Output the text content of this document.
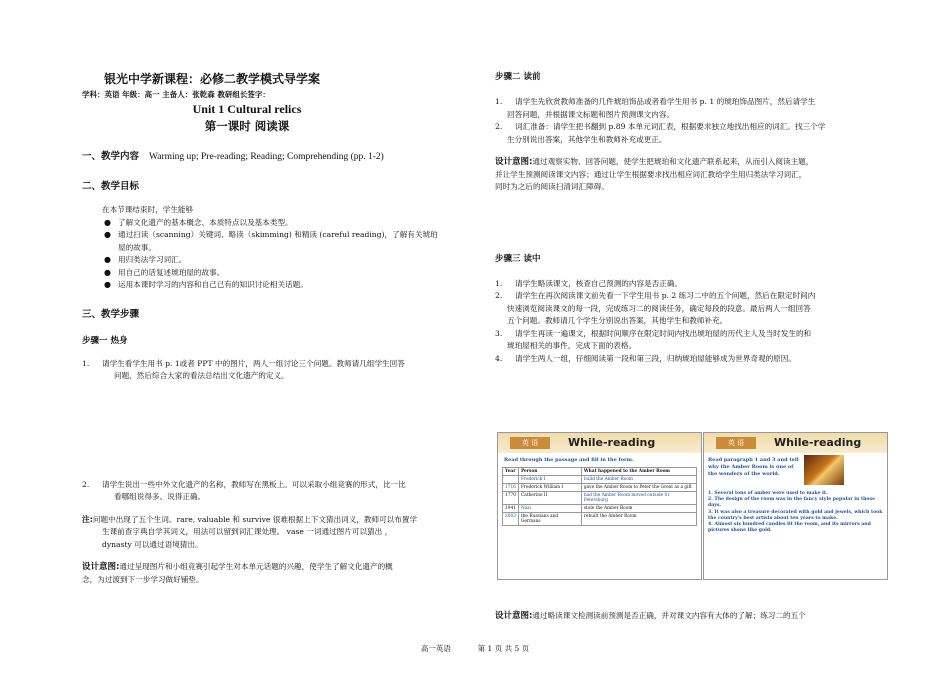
银光中学新课程：必修二教学模式导学案
学科：英语 年级：高一 主备人：张乾森 教研组长签字：
Unit 1 Cultural relics
第一课时 阅读课
一、教学内容 Warming up; Pre-reading; Reading; Comprehending (pp. 1-2)
二、教学目标
在本节课结束时，学生能够
● 了解文化遗产的基本概念、本质特点以及基本类型。
● 通过扫读（scanning）关键词、略读（skimming) 和精读 (careful reading)，了解有关琥珀
屋的故事。
● 用归类法学习词汇。
● 用自己的话复述琥珀屋的故事。
● 运用本课时学习的内容和自己已有的知识讨论相关话题。
三、教学步骤
步骤一 热身
1. 请学生看学生用书 p. 1或者 PPT 中的图片，两人一组讨论三个问题。教师请几组学生回答
问题，然后综合大家的看法总结出文化遗产的定义。
2. 请学生说出一些中外文化遗产的名称，教师写在黑板上。可以采取小组竞赛的形式，比一比
看哪组说得多、说得正确。
注:问题中出现了五个生词。rare, valuable 和 survive 很难根据上下文猜出词义，教师可以布置学
生课前查字典自学其词义，用法可以留到词汇课处理。 vase 一词通过图片可以猜出 ，
dynasty 可以通过语境猜出。
设计意图:通过呈现图片和小组竞赛引起学生对本单元话题的兴趣，使学生了解文化遗产的概
念，为过渡到下一步学习做好铺垫。
步骤二 读前
1. 请学生先欣赏教师准备的几件琥珀饰品或者看学生用书 p. 1 的琥珀饰品图片，然后请学生
回答问题，并根据课文标题和图片预测课文内容。
2. 词汇准备：请学生把书翻到 p.89 本单元词汇表，根据要求独立地找出相应的词汇。找三个学
生分别说出答案，其他学生和教师补充或更正。
设计意图:通过观察实物、回答问题，使学生把琥珀和文化遗产联系起来，从而引入阅读主题，
并让学生预测阅读课文内容；通过让学生根据要求找出相应词汇教给学生用归类法学习词汇，
同时为之后的阅读扫清词汇障碍。
步骤三 读中
1. 请学生略读课文，核查自己预测的内容是否正确。
2. 请学生在再次阅读课文前先看一下学生用书 p. 2 练习二中的五个问题，然后在限定时间内
快速浏览阅读课文的每一段，完成练习二的阅读任务，确定每段的段意。最后两人一组回答
五个问题。教师请几个学生分别说出答案，其他学生和教师补充。
3. 请学生再读一遍课文，根据时间顺序在限定时间内找出琥珀屋的历代主人及当时发生的和
琥珀屋相关的事件，完成下面的表格。
4. 请学生两人一组，仔细阅读第一段和第三段，归纳琥珀屋能够成为世界奇观的原因。
英 语	While-reading
Read through the passage and fill in the form.
Year	Person	What happened to the Amber Room
	Frederick I	build the Amber Room
1716	Frederick William I	gave the Amber Room to Peter the Great as a gift
1770	Catherine II	had the Amber Room moved outside St Petersburg
1941	Nazi	stole the Amber Room
2003	the Russians and Germans	rebuilt the Amber Room
英 语	While-reading
Read paragraph 1 and 3 and tell why the Amber Room is one of the wonders of the world.
1. Several tons of amber were used to make it.
2. The design of the room was in the fancy style popular in those days.
3. It was also a treasure decorated with gold and jewels, which took the country's best artists about ten years to make.
4. Almost six hundred candles lit the room, and its mirrors and pictures shone like gold.
设计意图:通过略读课文检测读前预测是否正确，并对课文内容有大体的了解；练习二的五个
高一英语	第 1 页 共 5 页
